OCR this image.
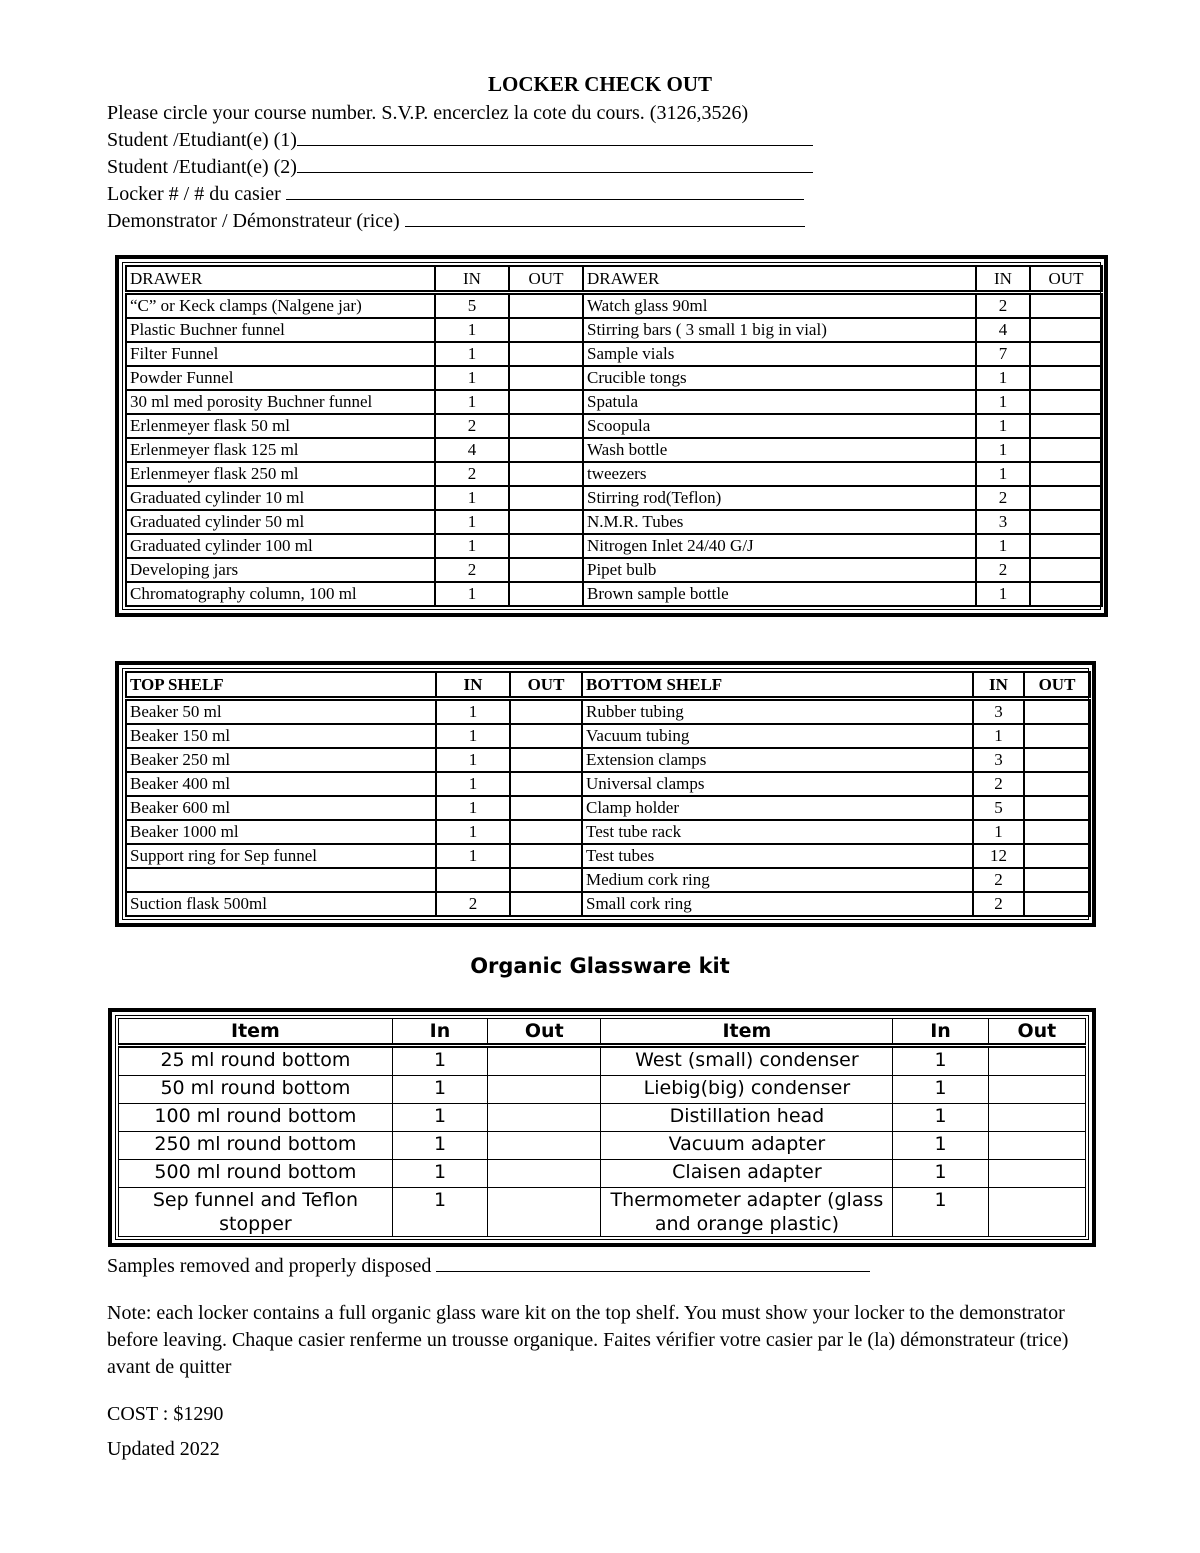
LOCKER CHECK OUT
Please circle your course number. S.V.P. encerclez la cote du cours. (3126,3526)
Student /Etudiant(e) (1)
Student /Etudiant(e) (2)
Locker # / # du casier
Demonstrator / Démonstrateur (rice)
DRAWER	IN	OUT	DRAWER	IN	OUT
“C” or Keck clamps (Nalgene jar)	5		Watch glass 90ml	2	
Plastic Buchner funnel	1		Stirring bars ( 3 small 1 big in vial)	4	
Filter Funnel	1		Sample vials	7	
Powder Funnel	1		Crucible tongs	1	
30 ml med porosity Buchner funnel	1		Spatula	1	
Erlenmeyer flask 50 ml	2		Scoopula	1	
Erlenmeyer flask 125 ml	4		Wash bottle	1	
Erlenmeyer flask 250 ml	2		tweezers	1	
Graduated cylinder 10 ml	1		Stirring rod(Teflon)	2	
Graduated cylinder 50 ml	1		N.M.R. Tubes	3	
Graduated cylinder 100 ml	1		Nitrogen Inlet 24/40 G/J	1	
Developing jars	2		Pipet bulb	2	
Chromatography column, 100 ml	1		Brown sample bottle	1	
TOP SHELF	IN	OUT	BOTTOM SHELF	IN	OUT
Beaker 50 ml	1		Rubber tubing	3	
Beaker 150 ml	1		Vacuum tubing	1	
Beaker 250 ml	1		Extension clamps	3	
Beaker 400 ml	1		Universal clamps	2	
Beaker 600 ml	1		Clamp holder	5	
Beaker 1000 ml	1		Test tube rack	1	
Support ring for Sep funnel	1		Test tubes	12	
			Medium cork ring	2	
Suction flask 500ml	2		Small cork ring	2	
Organic Glassware kit
Item	In	Out	Item	In	Out
25 ml round bottom	1		West (small) condenser	1	
50 ml round bottom	1		Liebig(big) condenser	1	
100 ml round bottom	1		Distillation head	1	
250 ml round bottom	1		Vacuum adapter	1	
500 ml round bottom	1		Claisen adapter	1	
Sep funnel and Teflon stopper	1		Thermometer adapter (glass and orange plastic)	1	

Samples removed and properly disposed

Note: each locker contains a full organic glass ware kit on the top shelf. You must show your locker to the demonstrator before leaving. Chaque casier renferme un trousse organique. Faites vérifier votre casier par le (la) démonstrateur (trice) avant de quitter

COST : $1290

Updated 2022
